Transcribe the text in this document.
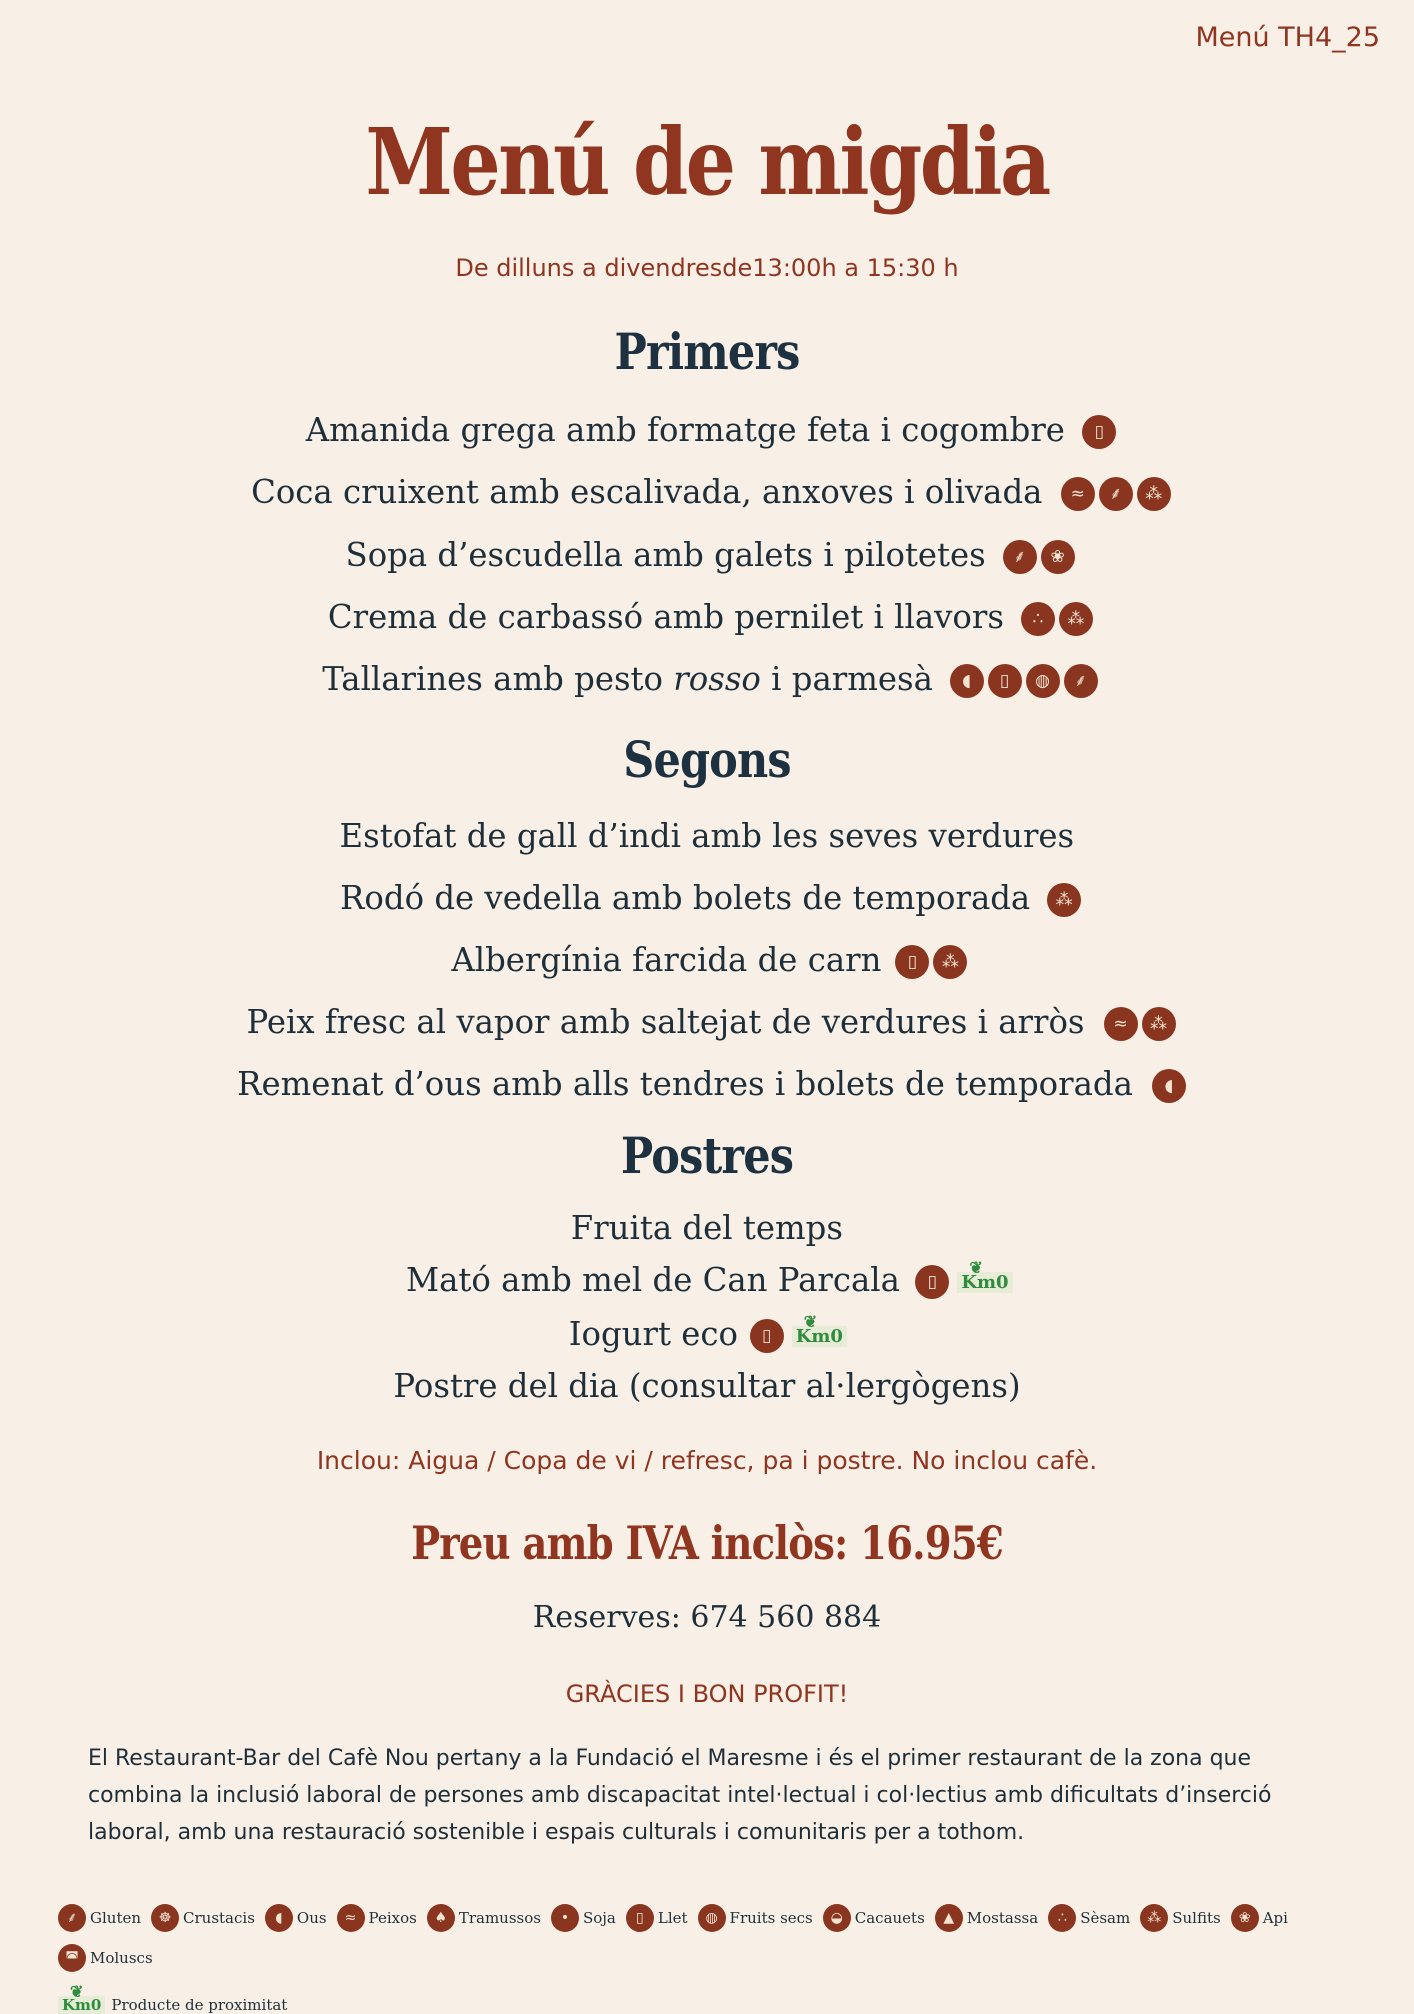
Menú TH4_25
Menú de migdia
De dilluns a divendresde13:00h a 15:30 h
Primers
Amanida grega amb formatge feta i cogombre	▯
Coca cruixent amb escalivada, anxoves i olivada	≈	⸙	⁂
Sopa d’escudella amb galets i pilotetes	⸙	❀
Crema de carbassó amb pernilet i llavors	∴	⁂
Tallarines amb pesto rosso i parmesà	◖	▯	◍	⸙
Segons
Estofat de gall d’indi amb les seves verdures
Rodó de vedella amb bolets de temporada	⁂
Albergínia farcida de carn	▯	⁂
Peix fresc al vapor amb saltejat de verdures i arròs	≈	⁂
Remenat d’ous amb alls tendres i bolets de temporada	◖
Postres
Fruita del temps
Mató amb mel de Can Parcala	▯	❦ Km0
Iogurt eco	▯	❦ Km0
Postre del dia (consultar al·lergògens)
Inclou: Aigua / Copa de vi / refresc, pa i postre. No inclou cafè.
Preu amb IVA inclòs: 16.95€
Reserves: 674 560 884
GRÀCIES I BON PROFIT!

El Restaurant-Bar del Cafè Nou pertany a la Fundació el Maresme i és el primer restaurant de la zona que combina la inclusió laboral de persones amb discapacitat intel·lectual i col·lectius amb dificultats d’inserció laboral, amb una restauració sostenible i espais culturals i comunitaris per a tothom.

⸙ Gluten	☸ Crustacis	◖ Ous	≈ Peixos	♠ Tramussos	• Soja	▯ Llet	◍ Fruits secs	◒ Cacauets	▲ Mostassa	∴ Sèsam	⁂ Sulfits	❀ Api
◚ Moluscs
❦ Km0 Producte de proximitat
